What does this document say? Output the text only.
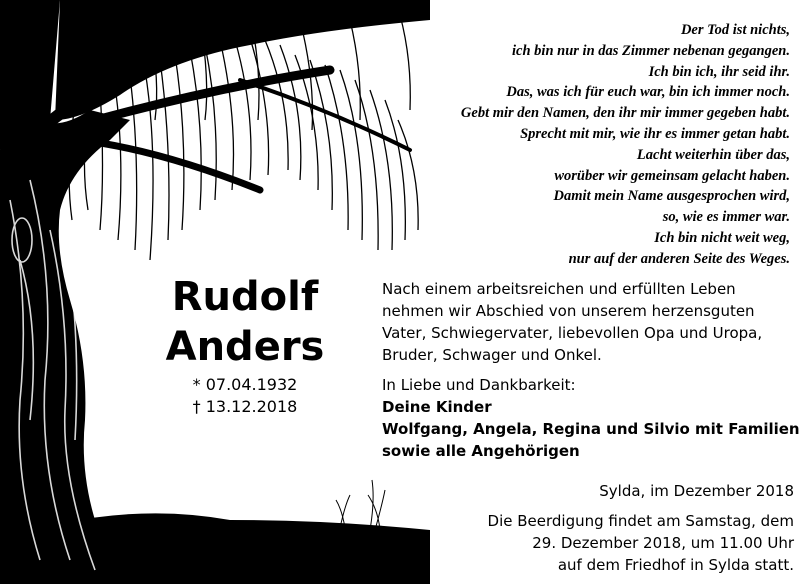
Der Tod ist nichts,
ich bin nur in das Zimmer nebenan gegangen.
Ich bin ich, ihr seid ihr.
Das, was ich für euch war, bin ich immer noch.
Gebt mir den Namen, den ihr mir immer gegeben habt.
Sprecht mit mir, wie ihr es immer getan habt.
Lacht weiterhin über das,
worüber wir gemeinsam gelacht haben.
Damit mein Name ausgesprochen wird,
so, wie es immer war.
Ich bin nicht weit weg,
nur auf der anderen Seite des Weges.
Rudolf
Anders
* 07.04.1932
† 13.12.2018
Nach einem arbeitsreichen und erfüllten Leben
nehmen wir Abschied von unserem herzensguten
Vater, Schwiegervater, liebevollen Opa und Uropa,
Bruder, Schwager und Onkel.
In Liebe und Dankbarkeit:
Deine Kinder
Wolfgang, Angela, Regina und Silvio mit Familien
sowie alle Angehörigen
Sylda, im Dezember 2018
Die Beerdigung findet am Samstag, dem
29. Dezember 2018, um 11.00 Uhr
auf dem Friedhof in Sylda statt.
